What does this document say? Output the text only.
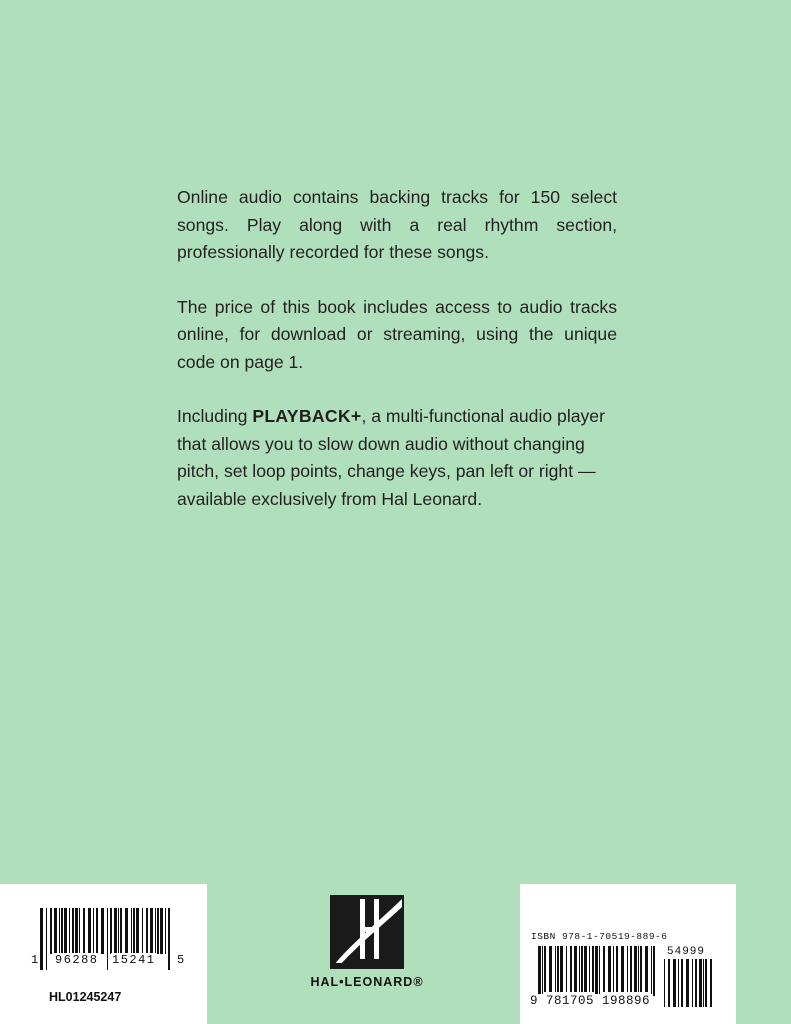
Online audio contains backing tracks for 150 select songs. Play along with a real rhythm section, professionally recorded for these songs.

The price of this book includes access to audio tracks online, for download or streaming, using the unique code on page 1.

Including PLAYBACK+, a multi-functional audio player that allows you to slow down audio without changing pitch, set loop points, change keys, pan left or right — available exclusively from Hal Leonard.

1 96288 15241 5
HL01245247
HAL•LEONARD®
ISBN 978-1-70519-889-6
54999
9 781705 198896
